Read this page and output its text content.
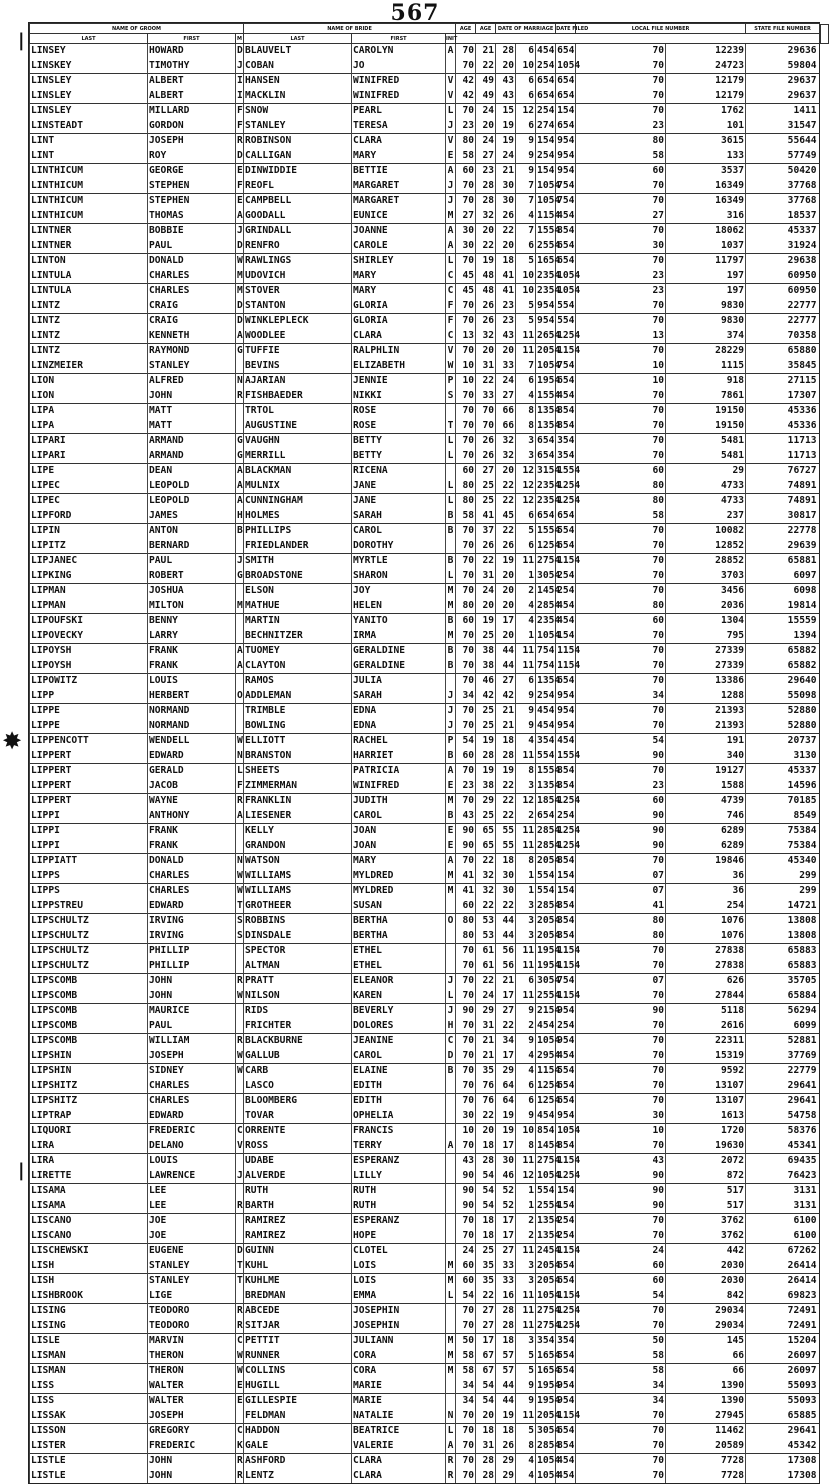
567
|
✸
|
NAME OF GROOM			NAME OF BRIDE			AGE	AGE	DATE OF MARRIAGE			DATE FILED	LOCAL FILE NUMBER		STATE FILE NUMBER
LAST	FIRST	M	LAST	FIRST	INIT									
LINSEY	HOWARD	D	BLAUVELT	CAROLYN	A	70	21	28	6	454	654	70	12239	29636
LINSKEY	TIMOTHY	J	COBAN	JO		70	22	20	10	254	1054	70	24723	59804
LINSLEY	ALBERT	I	HANSEN	WINIFRED	V	42	49	43	6	654	654	70	12179	29637
LINSLEY	ALBERT	I	MACKLIN	WINIFRED	V	42	49	43	6	654	654	70	12179	29637
LINSLEY	MILLARD	F	SNOW	PEARL	L	70	24	15	12	254	154	70	1762	1411
LINSTEADT	GORDON	F	STANLEY	TERESA	J	23	20	19	6	274	654	23	101	31547
LINT	JOSEPH	R	ROBINSON	CLARA	V	80	24	19	9	154	954	80	3615	55644
LINT	ROY	D	CALLIGAN	MARY	E	58	27	24	9	254	954	58	133	57749
LINTHICUM	GEORGE	E	DINWIDDIE	BETTIE	A	60	23	21	9	154	954	60	3537	50420
LINTHICUM	STEPHEN	F	REOFL	MARGARET	J	70	28	30	7	1054	754	70	16349	37768
LINTHICUM	STEPHEN	E	CAMPBELL	MARGARET	J	70	28	30	7	1054	754	70	16349	37768
LINTHICUM	THOMAS	A	GOODALL	EUNICE	M	27	32	26	4	1154	454	27	316	18537
LINTNER	BOBBIE	J	GRINDALL	JOANNE	A	30	20	22	7	1554	854	70	18062	45337
LINTNER	PAUL	D	RENFRO	CAROLE	A	30	22	20	6	2554	654	30	1037	31924
LINTON	DONALD	W	RAWLINGS	SHIRLEY	L	70	19	18	5	1654	654	70	11797	29638
LINTULA	CHARLES	M	UDOVICH	MARY	C	45	48	41	10	2354	1054	23	197	60950
LINTULA	CHARLES	M	STOVER	MARY	C	45	48	41	10	2354	1054	23	197	60950
LINTZ	CRAIG	D	STANTON	GLORIA	F	70	26	23	5	954	554	70	9830	22777
LINTZ	CRAIG	D	WINKLEPLECK	GLORIA	F	70	26	23	5	954	554	70	9830	22777
LINTZ	KENNETH	A	WOODLEE	CLARA	C	13	32	43	11	2654	1254	13	374	70358
LINTZ	RAYMOND	G	TUFFIE	RALPHLIN	V	70	20	20	11	2054	1154	70	28229	65880
LINZMEIER	STANLEY		BEVINS	ELIZABETH	W	10	31	33	7	1054	754	10	1115	35845
LION	ALFRED	N	AJARIAN	JENNIE	P	10	22	24	6	1954	654	10	918	27115
LION	JOHN	R	FISHBAEDER	NIKKI	S	70	33	27	4	1554	454	70	7861	17307
LIPA	MATT		TRTOL	ROSE		70	70	66	8	1354	854	70	19150	45336
LIPA	MATT		AUGUSTINE	ROSE	T	70	70	66	8	1354	854	70	19150	45336
LIPARI	ARMAND	G	VAUGHN	BETTY	L	70	26	32	3	654	354	70	5481	11713
LIPARI	ARMAND	G	MERRILL	BETTY	L	70	26	32	3	654	354	70	5481	11713
LIPE	DEAN	A	BLACKMAN	RICENA		60	27	20	12	3154	1554	60	29	76727
LIPEC	LEOPOLD	A	MULNIX	JANE	L	80	25	22	12	2354	1254	80	4733	74891
LIPEC	LEOPOLD	A	CUNNINGHAM	JANE	L	80	25	22	12	2354	1254	80	4733	74891
LIPFORD	JAMES	H	HOLMES	SARAH	B	58	41	45	6	654	654	58	237	30817
LIPIN	ANTON	B	PHILLIPS	CAROL	B	70	37	22	5	1554	554	70	10082	22778
LIPITZ	BERNARD		FRIEDLANDER	DOROTHY		70	26	26	6	1254	654	70	12852	29639
LIPJANEC	PAUL	J	SMITH	MYRTLE	B	70	22	19	11	2754	1154	70	28852	65881
LIPKING	ROBERT	G	BROADSTONE	SHARON	L	70	31	20	1	3054	254	70	3703	6097
LIPMAN	JOSHUA		ELSON	JOY	M	70	24	20	2	1454	254	70	3456	6098
LIPMAN	MILTON	M	MATHUE	HELEN	M	80	20	20	4	2854	454	80	2036	19814
LIPOUFSKI	BENNY		MARTIN	YANITO	B	60	19	17	4	2354	454	60	1304	15559
LIPOVECKY	LARRY		BECHNITZER	IRMA	M	70	25	20	1	1054	154	70	795	1394
LIPOYSH	FRANK	A	TUOMEY	GERALDINE	B	70	38	44	11	754	1154	70	27339	65882
LIPOYSH	FRANK	A	CLAYTON	GERALDINE	B	70	38	44	11	754	1154	70	27339	65882
LIPOWITZ	LOUIS		RAMOS	JULIA		70	46	27	6	1354	654	70	13386	29640
LIPP	HERBERT	O	ADDLEMAN	SARAH	J	34	42	42	9	254	954	34	1288	55098
LIPPE	NORMAND		TRIMBLE	EDNA	J	70	25	21	9	454	954	70	21393	52880
LIPPE	NORMAND		BOWLING	EDNA	J	70	25	21	9	454	954	70	21393	52880
LIPPENCOTT	WENDELL	W	ELLIOTT	RACHEL	P	54	19	18	4	354	454	54	191	20737
LIPPERT	EDWARD	N	BRANSTON	HARRIET	B	60	28	28	11	554	1554	90	340	3130
LIPPERT	GERALD	L	SHEETS	PATRICIA	A	70	19	19	8	1554	854	70	19127	45337
LIPPERT	JACOB	F	ZIMMERMAN	WINIFRED	E	23	38	22	3	1354	354	23	1588	14596
LIPPERT	WAYNE	R	FRANKLIN	JUDITH	M	70	29	22	12	1854	1254	60	4739	70185
LIPPI	ANTHONY	A	LIESENER	CAROL	B	43	25	22	2	654	254	90	746	8549
LIPPI	FRANK		KELLY	JOAN	E	90	65	55	11	2854	1254	90	6289	75384
LIPPI	FRANK		GRANDON	JOAN	E	90	65	55	11	2854	1254	90	6289	75384
LIPPIATT	DONALD	N	WATSON	MARY	A	70	22	18	8	2054	854	70	19846	45340
LIPPS	CHARLES	W	WILLIAMS	MYLDRED	M	41	32	30	1	554	154	07	36	299
LIPPS	CHARLES	W	WILLIAMS	MYLDRED	M	41	32	30	1	554	154	07	36	299
LIPPSTREU	EDWARD	T	GROTHEER	SUSAN		60	22	22	3	2854	354	41	254	14721
LIPSCHULTZ	IRVING	S	ROBBINS	BERTHA	O	80	53	44	3	2054	354	80	1076	13808
LIPSCHULTZ	IRVING	S	DINSDALE	BERTHA		80	53	44	3	2054	354	80	1076	13808
LIPSCHULTZ	PHILLIP		SPECTOR	ETHEL		70	61	56	11	1954	1154	70	27838	65883
LIPSCHULTZ	PHILLIP		ALTMAN	ETHEL		70	61	56	11	1954	1154	70	27838	65883
LIPSCOMB	JOHN	R	PRATT	ELEANOR	J	70	22	21	6	3054	754	07	626	35705
LIPSCOMB	JOHN	W	NILSON	KAREN	L	70	24	17	11	2554	1154	70	27844	65884
LIPSCOMB	MAURICE		RIDS	BEVERLY	J	90	29	27	9	2154	954	90	5118	56294
LIPSCOMB	PAUL		FRICHTER	DOLORES	H	70	31	22	2	454	254	70	2616	6099
LIPSCOMB	WILLIAM	R	BLACKBURNE	JEANINE	C	70	21	34	9	1054	954	70	22311	52881
LIPSHIN	JOSEPH	W	GALLUB	CAROL	D	70	21	17	4	2954	454	70	15319	37769
LIPSHIN	SIDNEY	W	CARB	ELAINE	B	70	35	29	4	1154	554	70	9592	22779
LIPSHITZ	CHARLES		LASCO	EDITH		70	76	64	6	1254	654	70	13107	29641
LIPSHITZ	CHARLES		BLOOMBERG	EDITH		70	76	64	6	1254	654	70	13107	29641
LIPTRAP	EDWARD		TOVAR	OPHELIA		30	22	19	9	454	954	30	1613	54758
LIQUORI	FREDERIC	C	ORRENTE	FRANCIS		10	20	19	10	854	1054	10	1720	58376
LIRA	DELANO	V	ROSS	TERRY	A	70	18	17	8	1454	854	70	19630	45341
LIRA	LOUIS		UDABE	ESPERANZ		43	28	30	11	2754	1154	43	2072	69435
LIRETTE	LAWRENCE	J	ALVERDE	LILLY		90	54	46	12	1054	1254	90	872	76423
LISAMA	LEE		RUTH	RUTH		90	54	52	1	554	154	90	517	3131
LISAMA	LEE	R	BARTH	RUTH		90	54	52	1	2554	154	90	517	3131
LISCANO	JOE		RAMIREZ	ESPERANZ		70	18	17	2	1354	254	70	3762	6100
LISCANO	JOE		RAMIREZ	HOPE		70	18	17	2	1354	254	70	3762	6100
LISCHEWSKI	EUGENE	D	GUINN	CLOTEL		24	25	27	11	2454	1154	24	442	67262
LISH	STANLEY	T	KUHL	LOIS	M	60	35	33	3	2054	654	60	2030	26414
LISH	STANLEY	T	KUHLME	LOIS	M	60	35	33	3	2054	654	60	2030	26414
LISHBROOK	LIGE		BREDMAN	EMMA	L	54	22	16	11	1054	1154	54	842	69823
LISING	TEODORO	R	ABCEDE	JOSEPHIN		70	27	28	11	2754	1254	70	29034	72491
LISING	TEODORO	R	SITJAR	JOSEPHIN		70	27	28	11	2754	1254	70	29034	72491
LISLE	MARVIN	C	PETTIT	JULIANN	M	50	17	18	3	354	354	50	145	15204
LISMAN	THERON	W	RUNNER	CORA	M	58	67	57	5	1654	554	58	66	26097
LISMAN	THERON	W	COLLINS	CORA	M	58	67	57	5	1654	554	58	66	26097
LISS	WALTER	E	HUGILL	MARIE		34	54	44	9	1954	954	34	1390	55093
LISS	WALTER	E	GILLESPIE	MARIE		34	54	44	9	1954	954	34	1390	55093
LISSAK	JOSEPH		FELDMAN	NATALIE	N	70	20	19	11	2054	1154	70	27945	65885
LISSON	GREGORY	C	HADDON	BEATRICE	L	70	18	18	5	3054	654	70	11462	29641
LISTER	FREDERIC	K	GALE	VALERIE	A	70	31	26	8	2854	854	70	20589	45342
LISTLE	JOHN	R	ASHFORD	CLARA	R	70	28	29	4	1054	454	70	7728	17308
LISTLE	JOHN	R	LENTZ	CLARA	R	70	28	29	4	1054	454	70	7728	17308
